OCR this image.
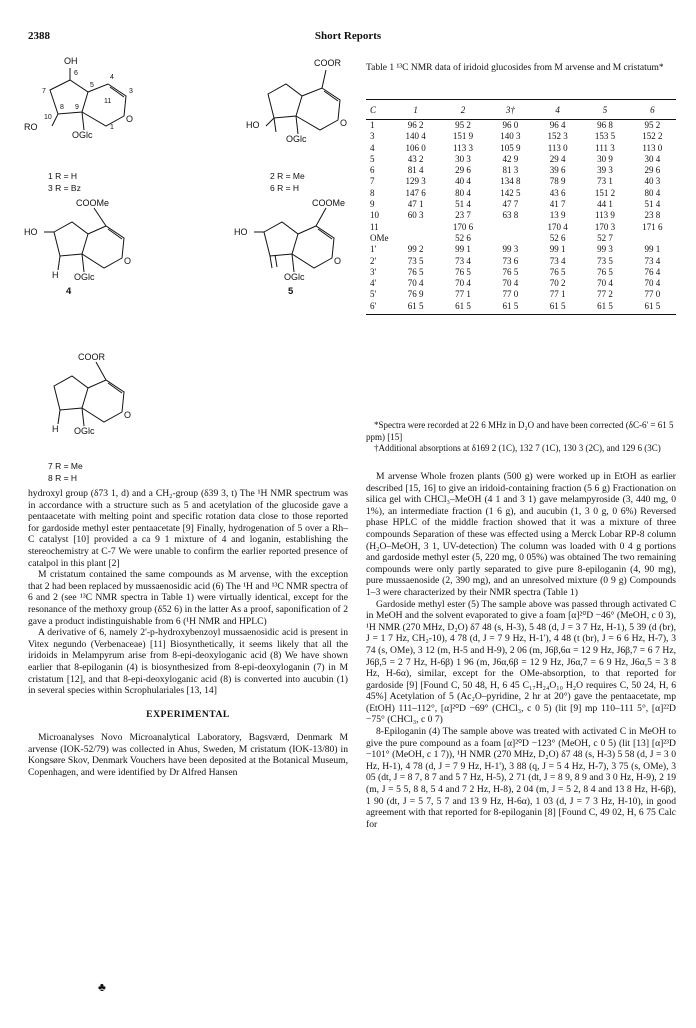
2388	Short Reports
OH
RO
OGlc
O
1
3
4
5
6
7
8 9
10
11
1 R = H
3 R = Bz
COOR
HO
OGlc
O
2 R = Me
6 R = H
COOMe
HO
H OGlc
O
4
COOMe
HO
OGlc
O
5
COOR
H OGlc
O
7 R = Me
8 R = H
Table 1 ¹³C NMR data of iridoid glucosides from M arvense and M cristatum*
C	1	2	3†	4	5	6
1	96 2	95 2	96 0	96 4	96 8	95 2
3	140 4	151 9	140 3	152 3	153 5	152 2
4	106 0	113 3	105 9	113 0	111 3	113 0
5	43 2	30 3	42 9	29 4	30 9	30 4
6	81 4	29 6	81 3	39 6	39 3	29 6
7	129 3	40 4	134 8	78 9	73 1	40 3
8	147 6	80 4	142 5	43 6	151 2	80 4
9	47 1	51 4	47 7	41 7	44 1	51 4
10	60 3	23 7	63 8	13 9	113 9	23 8
11		170 6		170 4	170 3	171 6
OMe		52 6		52 6	52 7	
1'	99 2	99 1	99 3	99 1	99 3	99 1
2'	73 5	73 4	73 6	73 4	73 5	73 4
3'	76 5	76 5	76 5	76 5	76 5	76 4
4'	70 4	70 4	70 4	70 2	70 4	70 4
5'	76 9	77 1	77 0	77 1	77 2	77 0
6'	61 5	61 5	61 5	61 5	61 5	61 5

*Spectra were recorded at 22 6 MHz in D₂O and have been corrected (δC-6' = 61 5 ppm) [15]

†Additional absorptions at δ169 2 (1C), 132 7 (1C), 130 3 (2C), and 129 6 (3C)

hydroxyl group (δ73 1, d) and a CH₂-group (δ39 3, t) The ¹H NMR spectrum was in accordance with a structure such as 5 and acetylation of the glucoside gave a pentaacetate with melting point and specific rotation data close to those reported for gardoside methyl ester pentaacetate [9] Finally, hydrogenation of 5 over a Rh–C catalyst [10] provided a ca 9 1 mixture of 4 and loganin, establishing the stereochemistry at C-7 We were unable to confirm the earlier reported presence of catalpol in this plant [2]

M cristatum contained the same compounds as M arvense, with the exception that 2 had been replaced by mussaenosidic acid (6) The ¹H and ¹³C NMR spectra of 6 and 2 (see ¹³C NMR spectra in Table 1) were virtually identical, except for the resonance of the methoxy group (δ52 6) in the latter As a proof, saponification of 2 gave a product indistinguishable from 6 (¹H NMR and HPLC)

A derivative of 6, namely 2'-p-hydroxybenzoyl mussaenosidic acid is present in Vitex negundo (Verbenaceae) [11] Biosynthetically, it seems likely that all the iridoids in Melampyrum arise from 8-epi-deoxyloganic acid (8) We have shown earlier that 8-epiloganin (4) is biosynthesized from 8-epi-deoxyloganin (7) in M cristatum [12], and that 8-epi-deoxyloganic acid (8) is converted into aucubin (1) in several species within Scrophulariales [13, 14]

EXPERIMENTAL

Microanalyses Novo Microanalytical Laboratory, Bagsværd, Denmark M arvense (IOK-52/79) was collected in Ahus, Sweden, M cristatum (IOK-13/80) in Kongsøre Skov, Denmark Vouchers have been deposited at the Botanical Museum, Copenhagen, and were identified by Dr Alfred Hansen

M arvense Whole frozen plants (500 g) were worked up in EtOH as earlier described [15, 16] to give an iridoid-containing fraction (5 6 g) Fractionation on silica gel with CHCl₃–MeOH (4 1 and 3 1) gave melampyroside (3, 440 mg, 0 1%), an intermediate fraction (1 6 g), and aucubin (1, 3 0 g, 0 6%) Reversed phase HPLC of the middle fraction showed that it was a mixture of three compounds Separation of these was effected using a Merck Lobar RP-8 column (H₂O–MeOH, 3 1, UV-detection) The column was loaded with 0 4 g portions and gardoside methyl ester (5, 220 mg, 0 05%) was obtained The two remaining compounds were only partly separated to give pure 8-epiloganin (4, 90 mg), pure mussaenoside (2, 390 mg), and an unresolved mixture (0 9 g) Compounds 1–3 were characterized by their NMR spectra (Table 1)

Gardoside methyl ester (5) The sample above was passed through activated C in MeOH and the solvent evaporated to give a foam [α]²⁰D −46° (MeOH, c 0 3), ¹H NMR (270 MHz, D₂O) δ7 48 (s, H-3), 5 48 (d, J = 3 7 Hz, H-1), 5 39 (d (br), J = 1 7 Hz, CH₂-10), 4 78 (d, J = 7 9 Hz, H-1'), 4 48 (t (br), J = 6 6 Hz, H-7), 3 74 (s, OMe), 3 12 (m, H-5 and H-9), 2 06 (m, J6β,6α = 12 9 Hz, J6β,7 = 6 7 Hz, J6β,5 = 2 7 Hz, H-6β) 1 96 (m, J6α,6β = 12 9 Hz, J6α,7 = 6 9 Hz, J6α,5 = 3 8 Hz, H-6α), similar, except for the OMe-absorption, to that reported for gardoside [9] [Found C, 50 48, H, 6 45 C₁₇H₂₄O₁₀ H₂O requires C, 50 24, H, 6 45%] Acetylation of 5 (Ac₂O–pyridine, 2 hr at 20°) gave the pentaacetate, mp (EtOH) 111–112°, [α]²⁰D −69° (CHCl₃, c 0 5) (lit [9] mp 110–111 5°, [α]²²D −75° (CHCl₃, c 0 7)

8-Epiloganin (4) The sample above was treated with activated C in MeOH to give the pure compound as a foam [α]²⁰D −123° (MeOH, c 0 5) (lit [13] [α]²³D −101° (MeOH, c 1 7)), ¹H NMR (270 MHz, D₂O) δ7 48 (s, H-3) 5 58 (d, J = 3 0 Hz, H-1), 4 78 (d, J = 7 9 Hz, H-1'), 3 88 (q, J = 5 4 Hz, H-7), 3 75 (s, OMe), 3 05 (dt, J = 8 7, 8 7 and 5 7 Hz, H-5), 2 71 (dt, J = 8 9, 8 9 and 3 0 Hz, H-9), 2 19 (m, J = 5 5, 8 8, 5 4 and 7 2 Hz, H-8), 2 04 (m, J = 5 2, 8 4 and 13 8 Hz, H-6β), 1 90 (dt, J = 5 7, 5 7 and 13 9 Hz, H-6α), 1 03 (d, J = 7 3 Hz, H-10), in good agreement with that reported for 8-epiloganin [8] [Found C, 49 02, H, 6 75 Calc for

♣
